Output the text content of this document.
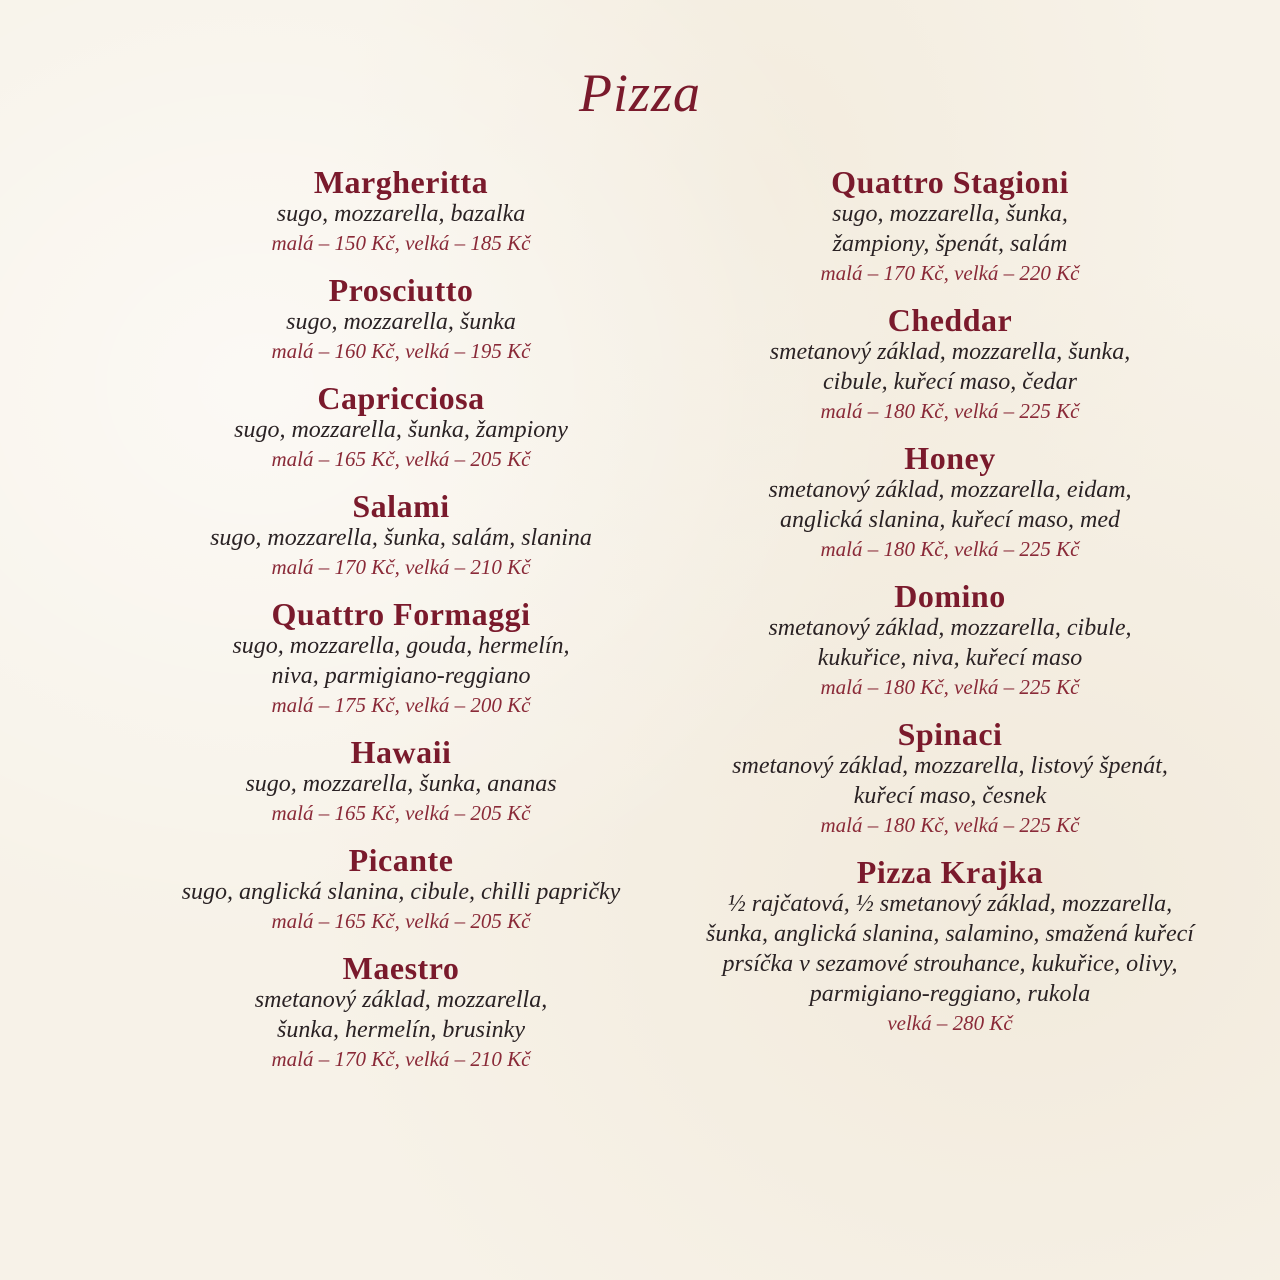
Pizza
Margheritta
sugo, mozzarella, bazalka
malá – 150 Kč, velká – 185 Kč
Prosciutto
sugo, mozzarella, šunka
malá – 160 Kč, velká – 195 Kč
Capricciosa
sugo, mozzarella, šunka, žampiony
malá – 165 Kč, velká – 205 Kč
Salami
sugo, mozzarella, šunka, salám, slanina
malá – 170 Kč, velká – 210 Kč
Quattro Formaggi
sugo, mozzarella, gouda, hermelín,
niva, parmigiano-reggiano
malá – 175 Kč, velká – 200 Kč
Hawaii
sugo, mozzarella, šunka, ananas
malá – 165 Kč, velká – 205 Kč
Picante
sugo, anglická slanina, cibule, chilli papričky
malá – 165 Kč, velká – 205 Kč
Maestro
smetanový základ, mozzarella,
šunka, hermelín, brusinky
malá – 170 Kč, velká – 210 Kč
Quattro Stagioni
sugo, mozzarella, šunka,
žampiony, špenát, salám
malá – 170 Kč, velká – 220 Kč
Cheddar
smetanový základ, mozzarella, šunka,
cibule, kuřecí maso, čedar
malá – 180 Kč, velká – 225 Kč
Honey
smetanový základ, mozzarella, eidam,
anglická slanina, kuřecí maso, med
malá – 180 Kč, velká – 225 Kč
Domino
smetanový základ, mozzarella, cibule,
kukuřice, niva, kuřecí maso
malá – 180 Kč, velká – 225 Kč
Spinaci
smetanový základ, mozzarella, listový špenát,
kuřecí maso, česnek
malá – 180 Kč, velká – 225 Kč
Pizza Krajka
½ rajčatová, ½ smetanový základ, mozzarella,
šunka, anglická slanina, salamino, smažená kuřecí
prsíčka v sezamové strouhance, kukuřice, olivy,
parmigiano-reggiano, rukola
velká – 280 Kč
